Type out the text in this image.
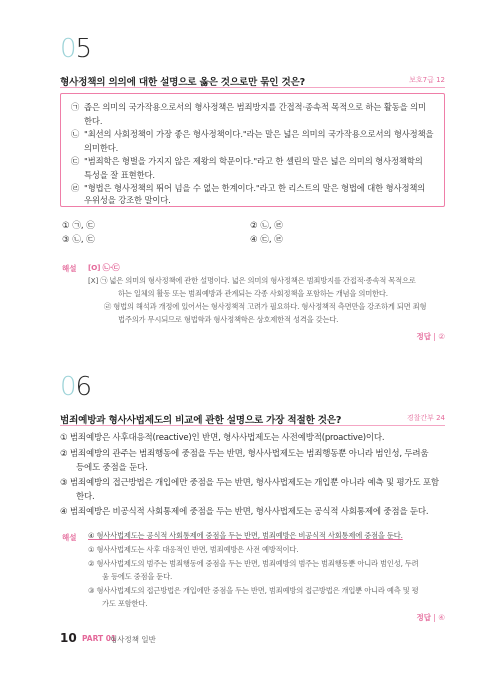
05
형사정책의 의의에 대한 설명으로 옳은 것으로만 묶인 것은?	보호7급 12
㉠ 좁은 의미의 국가작용으로서의 형사정책은 범죄방지를 간접적·종속적 목적으로 하는 활동을 의미
한다.
㉡ "최선의 사회정책이 가장 좋은 형사정책이다."라는 말은 넓은 의미의 국가작용으로서의 형사정책을
의미한다.
㉢ "범죄학은 형벌을 가지지 않은 제왕의 학문이다."라고 한 셸린의 말은 넓은 의미의 형사정책학의
특성을 잘 표현한다.
㉣ "형법은 형사정책의 뛰어 넘을 수 없는 한계이다."라고 한 리스트의 말은 형법에 대한 형사정책의
우위성을 강조한 말이다.
① ㉠, ㉢	② ㉡, ㉣
③ ㉡, ㉢	④ ㉢, ㉣
해설 [O] ㉡·㉢
[X] ㉠ 넓은 의미의 형사정책에 관한 설명이다. 넓은 의미의 형사정책은 범죄방지를 간접적·종속적 목적으로
하는 일체의 활동 또는 범죄예방과 관계되는 각종 사회정책을 포함하는 개념을 의미한다.
㉣ 형법의 해석과 개정에 있어서는 형사정책적 고려가 필요하다. 형사정책적 측면만을 강조하게 되면 죄형
법주의가 무시되므로 형법학과 형사정책학은 상호제한적 성격을 갖는다.
정답 | ②
06
범죄예방과 형사사법제도의 비교에 관한 설명으로 가장 적절한 것은?	경찰간부 24
① 범죄예방은 사후대응적(reactive)인 반면, 형사사법제도는 사전예방적(proactive)이다.
② 범죄예방의 관주는 범죄행동에 중점을 두는 반면, 형사사법제도는 범죄행동뿐 아니라 범인성, 두려움
등에도 중점을 둔다.
③ 범죄예방의 접근방법은 개입에만 중점을 두는 반면, 형사사법제도는 개입뿐 아니라 예측 및 평가도 포함
한다.
④ 범죄예방은 비공식적 사회통제에 중점을 두는 반면, 형사사법제도는 공식적 사회통제에 중점을 둔다.
해설 ④ 형사사법제도는 공식적 사회통제에 중점을 두는 반면, 범죄예방은 비공식적 사회통제에 중점을 둔다.
① 형사사법제도는 사후 대응적인 반면, 범죄예방은 사전 예방적이다.
② 형사사법제도의 범주는 범죄행동에 중점을 두는 반면, 범죄예방의 범주는 범죄행동뿐 아니라 범인성, 두려
움 등에도 중점을 둔다.
③ 형사사법제도의 접근방법은 개입에만 중점을 두는 반면, 범죄예방의 접근방법은 개입뿐 아니라 예측 및 평
가도 포함한다.
정답 | ④
10 PART 01
형사정책 일반
